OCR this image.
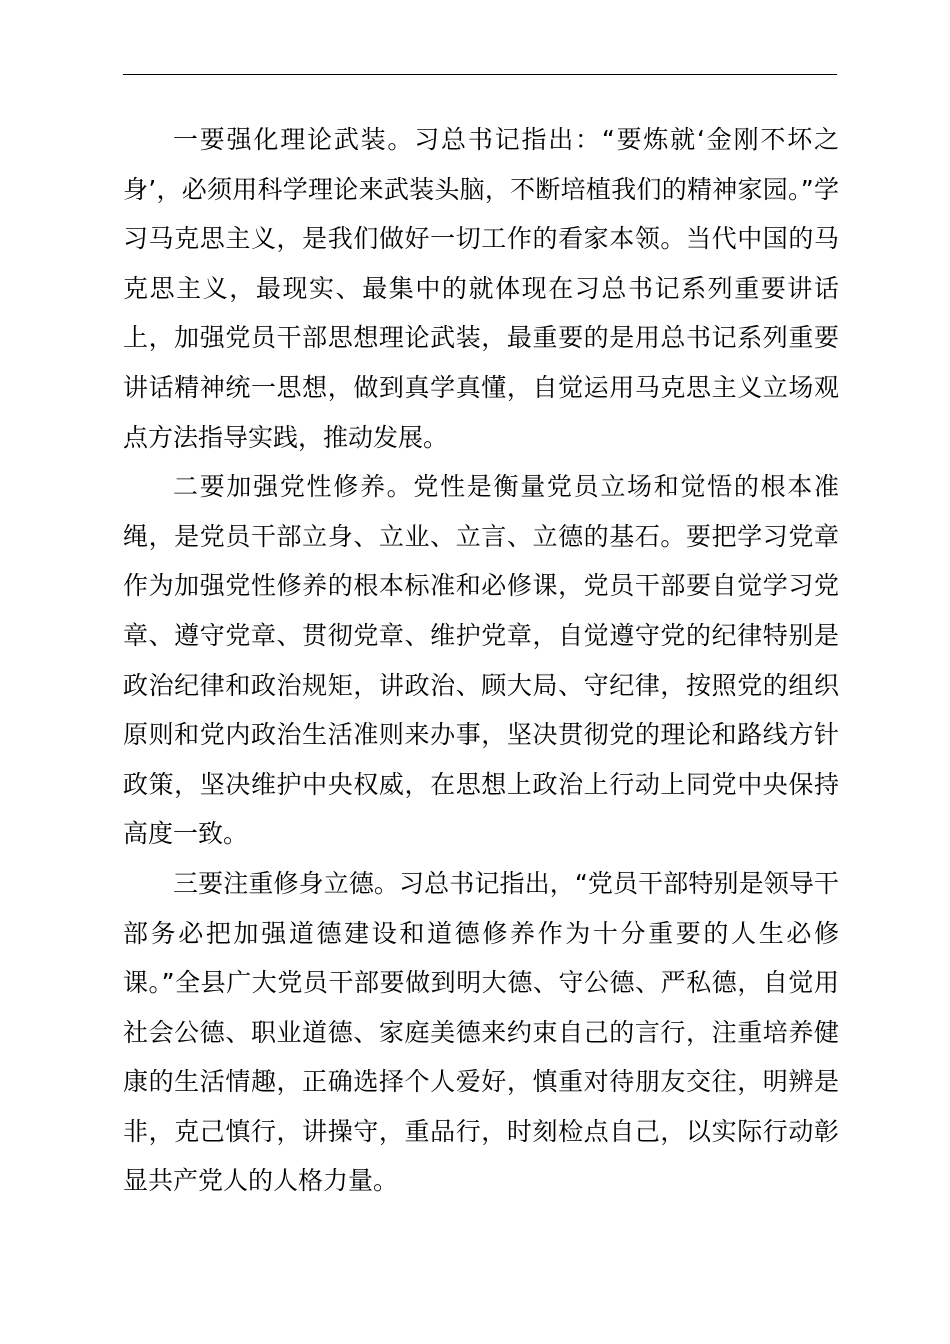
一要强化理论武装。习总书记指出：“要炼就‘金刚不坏之身’，必须用科学理论来武装头脑，不断培植我们的精神家园。”学习马克思主义，是我们做好一切工作的看家本领。当代中国的马克思主义，最现实、最集中的就体现在习总书记系列重要讲话上，加强党员干部思想理论武装，最重要的是用总书记系列重要讲话精神统一思想，做到真学真懂，自觉运用马克思主义立场观点方法指导实践，推动发展。

二要加强党性修养。党性是衡量党员立场和觉悟的根本准绳，是党员干部立身、立业、立言、立德的基石。要把学习党章作为加强党性修养的根本标准和必修课，党员干部要自觉学习党章、遵守党章、贯彻党章、维护党章，自觉遵守党的纪律特别是政治纪律和政治规矩，讲政治、顾大局、守纪律，按照党的组织原则和党内政治生活准则来办事，坚决贯彻党的理论和路线方针政策，坚决维护中央权威，在思想上政治上行动上同党中央保持高度一致。

三要注重修身立德。习总书记指出，“党员干部特别是领导干部务必把加强道德建设和道德修养作为十分重要的人生必修课。”全县广大党员干部要做到明大德、守公德、严私德，自觉用社会公德、职业道德、家庭美德来约束自己的言行，注重培养健康的生活情趣，正确选择个人爱好，慎重对待朋友交往，明辨是非，克己慎行，讲操守，重品行，时刻检点自己，以实际行动彰显共产党人的人格力量。
